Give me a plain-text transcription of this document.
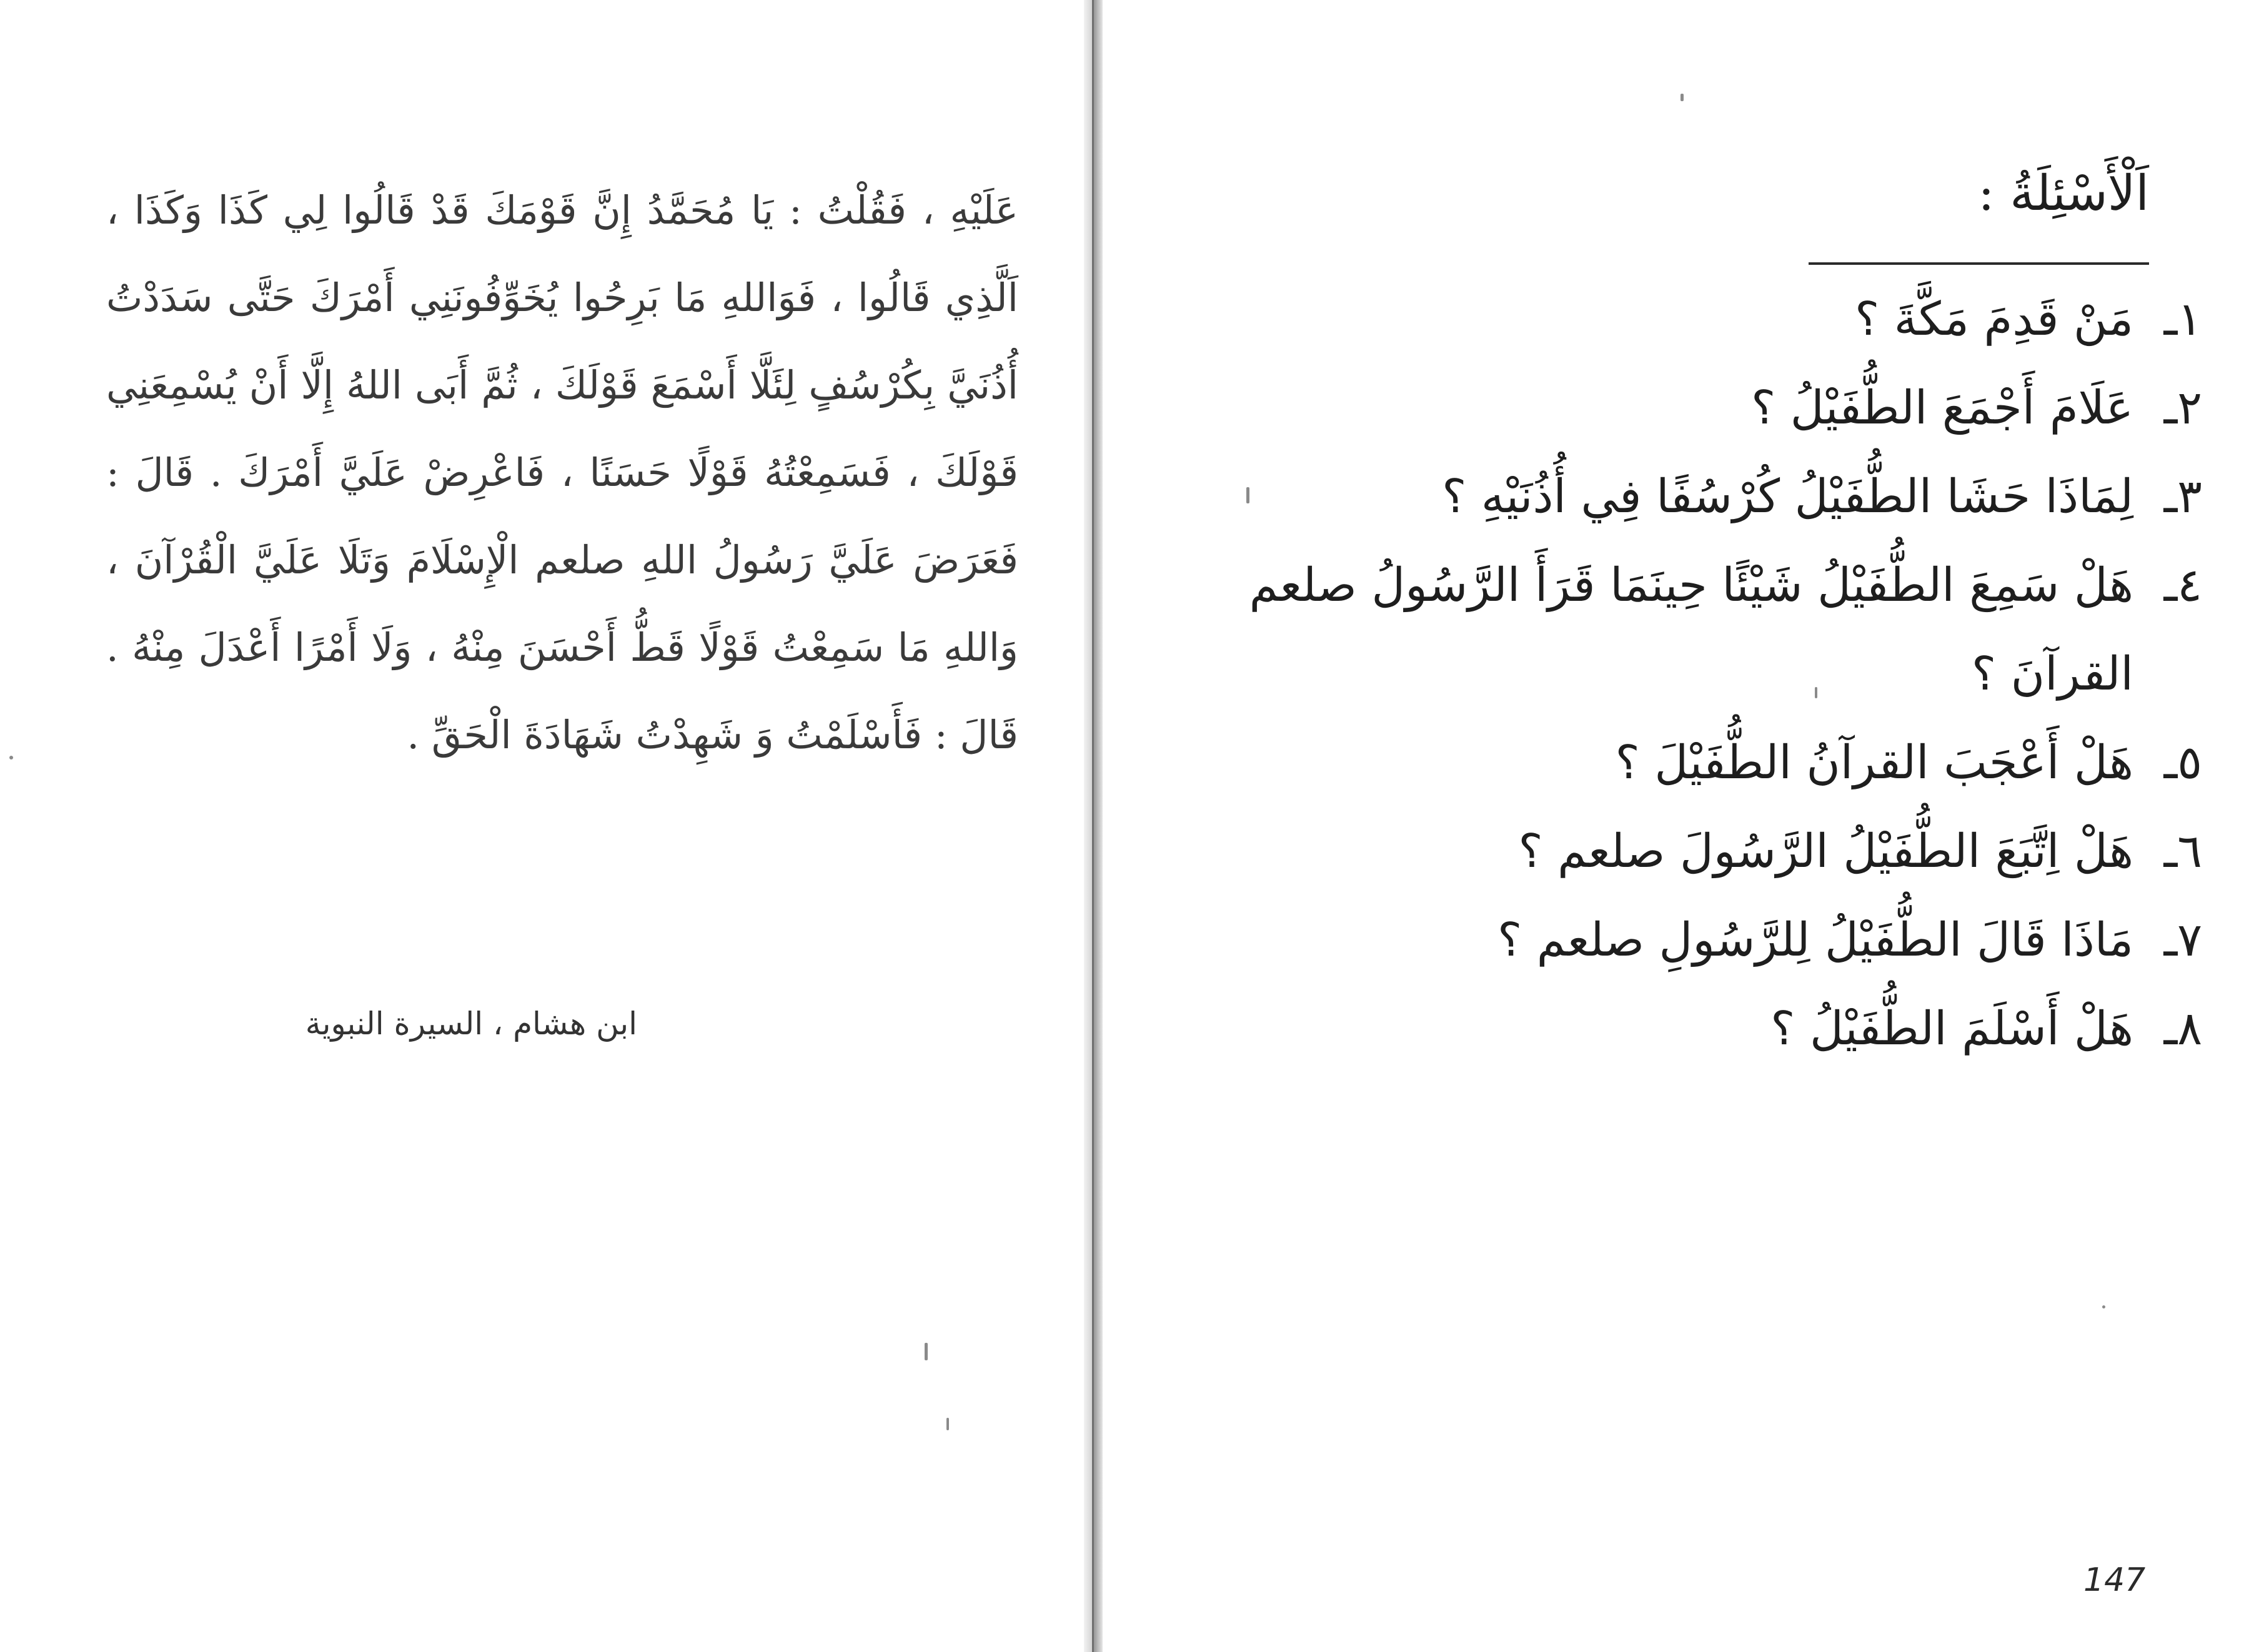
عَلَيْهِ ، فَقُلْتُ : يَا مُحَمَّدُ إِنَّ قَوْمَكَ قَدْ قَالُوا لِي كَذَا وَكَذَا ، اَلَّذِي قَالُوا ، فَوَاللهِ مَا بَرِحُوا يُخَوِّفُونَنِي أَمْرَكَ حَتَّى سَدَدْتُ أُذُنَيَّ بِكُرْسُفٍ لِئَلَّا أَسْمَعَ قَوْلَكَ ، ثُمَّ أَبَى اللهُ إِلَّا أَنْ يُسْمِعَنِي قَوْلَكَ ، فَسَمِعْتُهُ قَوْلًا حَسَنًا ، فَاعْرِضْ عَلَيَّ أَمْرَكَ . قَالَ : فَعَرَضَ عَلَيَّ رَسُولُ اللهِ صلعم الْإِسْلَامَ وَتَلَا عَلَيَّ الْقُرْآنَ ، وَاللهِ مَا سَمِعْتُ قَوْلًا قَطُّ أَحْسَنَ مِنْهُ ، وَلَا أَمْرًا أَعْدَلَ مِنْهُ . قَالَ : فَأَسْلَمْتُ وَ شَهِدْتُ شَهَادَةَ الْحَقِّ .

ابن هشام ، السيرة النبوية
اَلْأَسْئِلَةُ :
١ـ
مَنْ قَدِمَ مَكَّةَ ؟
٢ـ
عَلَامَ أَجْمَعَ الطُّفَيْلُ ؟
٣ـ
لِمَاذَا حَشَا الطُّفَيْلُ كُرْسُفًا فِي أُذُنَيْهِ ؟
٤ـ
هَلْ سَمِعَ الطُّفَيْلُ شَيْئًا حِينَمَا قَرَأَ الرَّسُولُ صلعم القرآنَ ؟
٥ـ
هَلْ أَعْجَبَ القرآنُ الطُّفَيْلَ ؟
٦ـ
هَلْ اِتَّبَعَ الطُّفَيْلُ الرَّسُولَ صلعم ؟
٧ـ
مَاذَا قَالَ الطُّفَيْلُ لِلرَّسُولِ صلعم ؟
٨ـ
هَلْ أَسْلَمَ الطُّفَيْلُ ؟
147
